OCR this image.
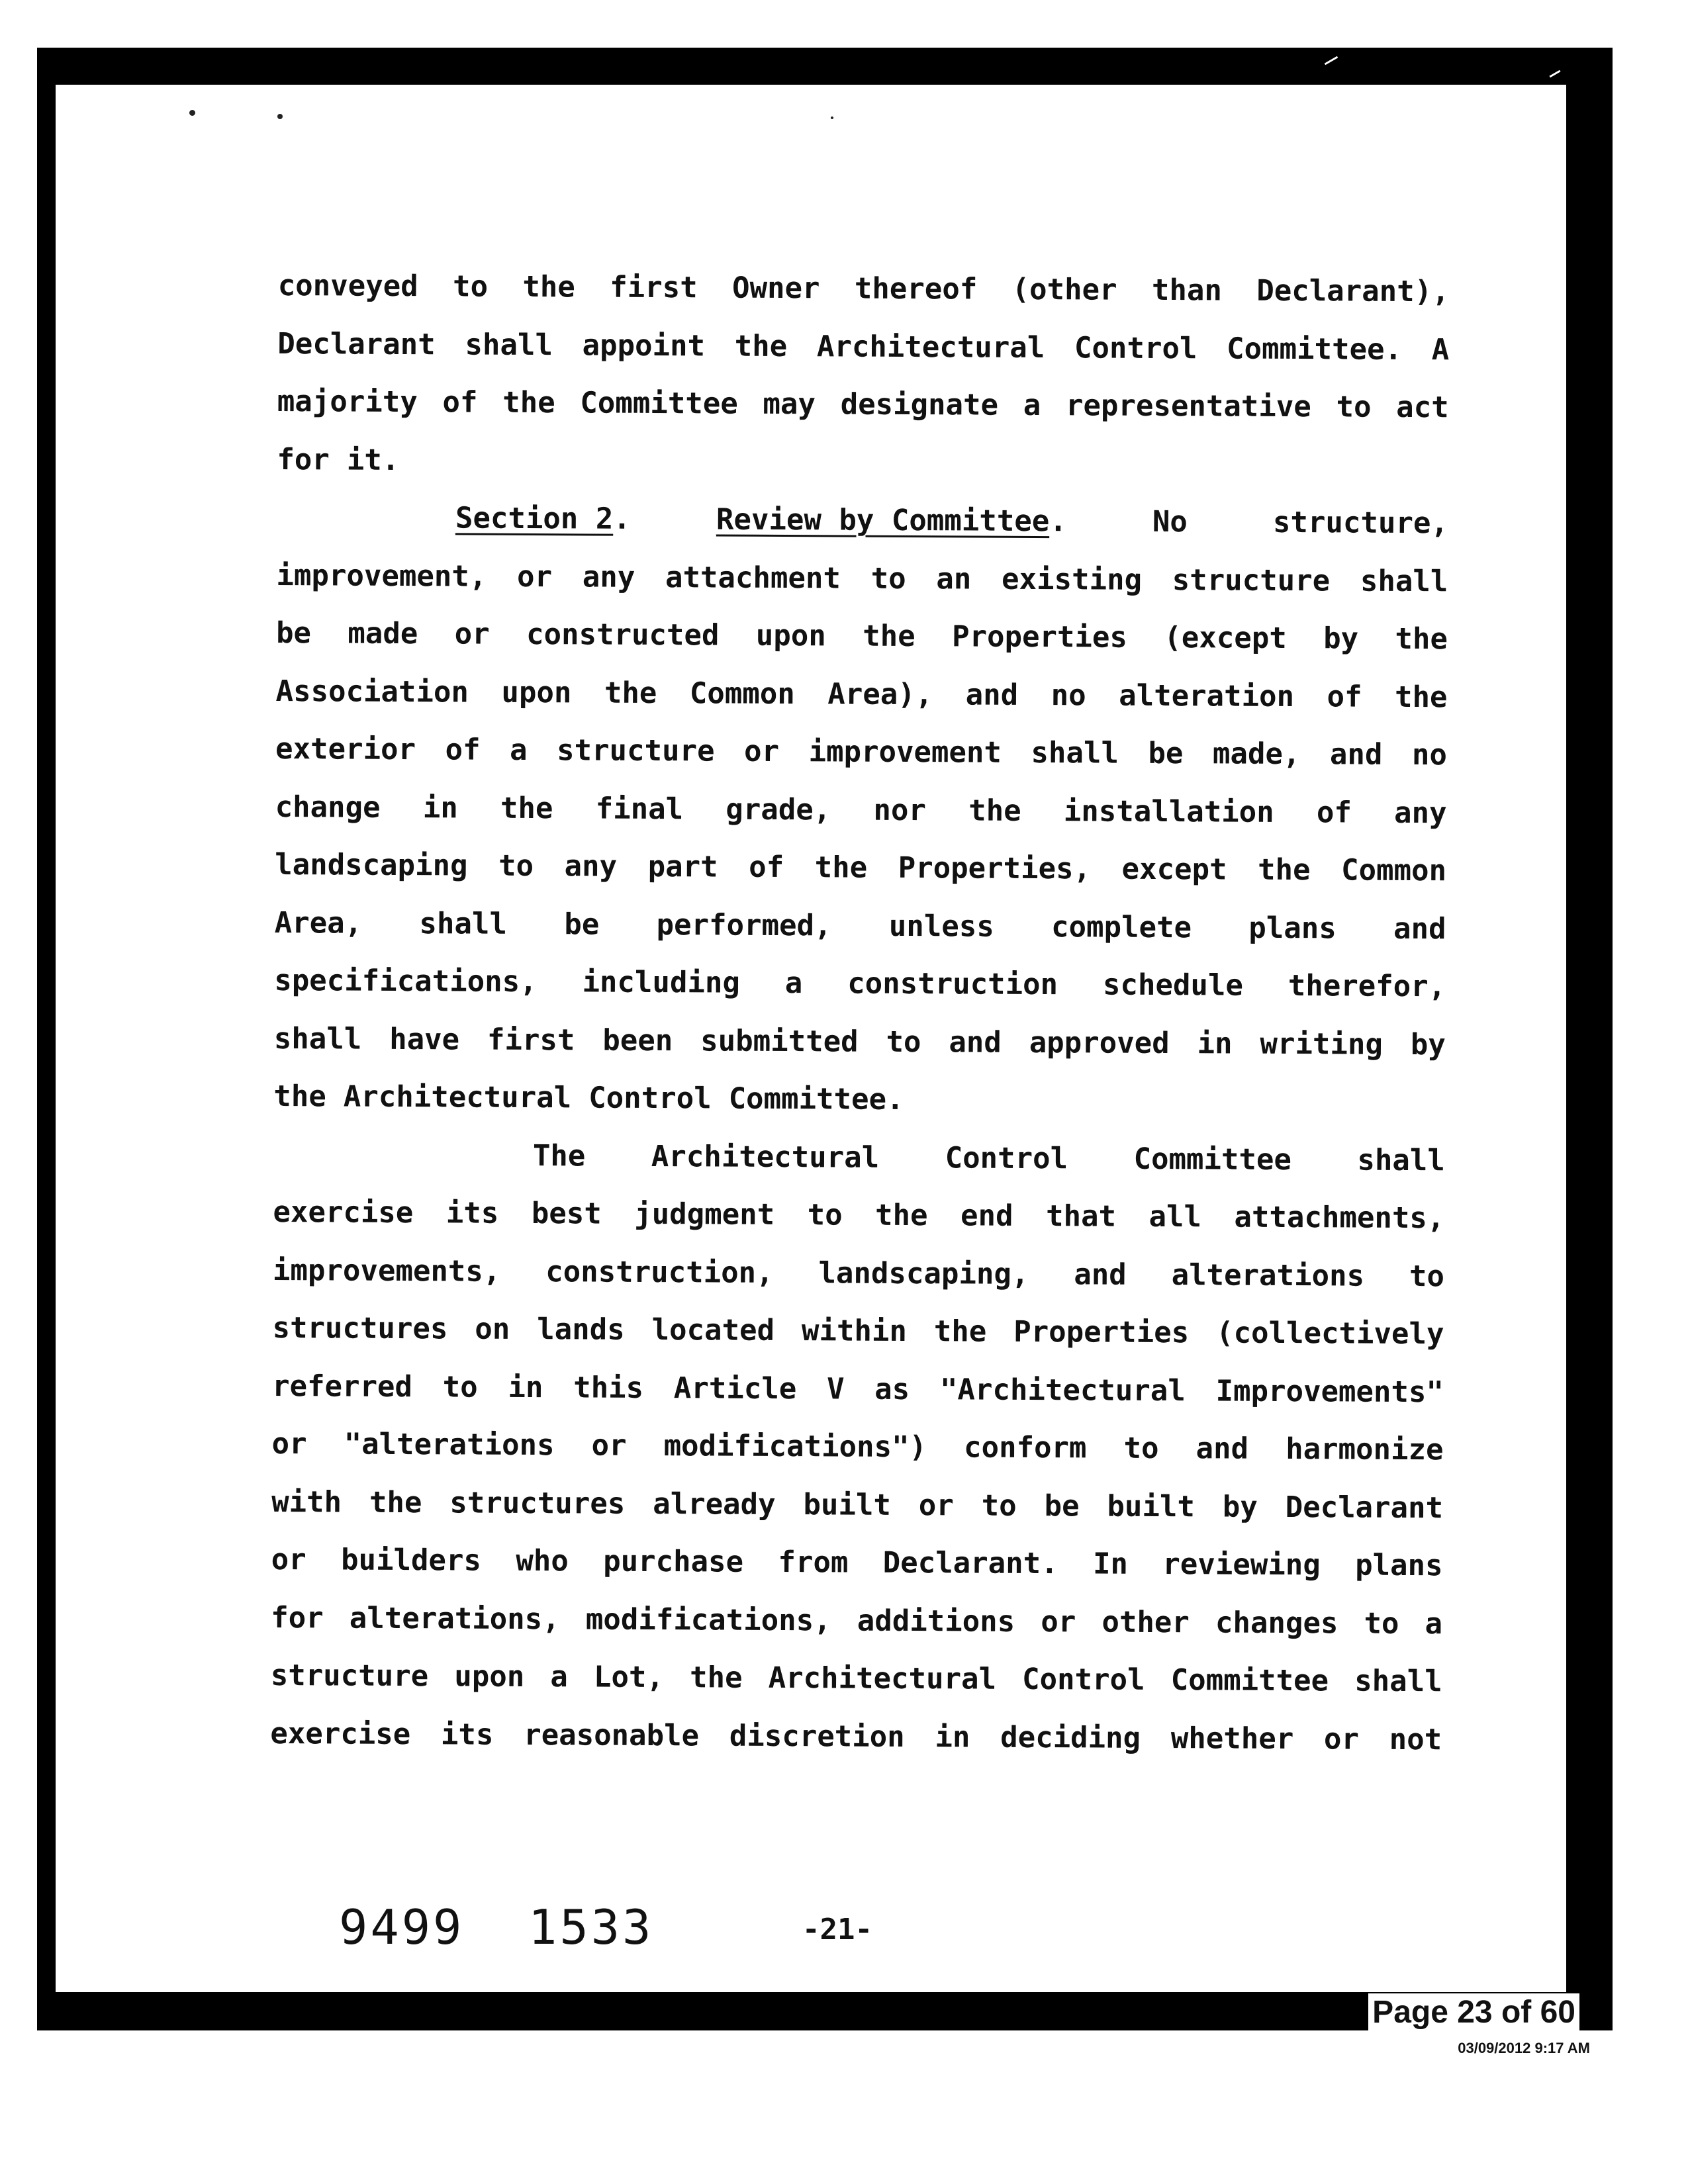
conveyed to the first Owner thereof (other than Declarant),
Declarant shall appoint the Architectural Control Committee. A
majority of the Committee may designate a representative to act
for it.
Section 2.	Review by Committee.	No	structure,
improvement, or any attachment to an existing structure shall
be made or constructed upon the Properties (except by the
Association upon the Common Area), and no alteration of the
exterior of a structure or improvement shall be made, and no
change in the final grade, nor the installation of any
landscaping to any part of the Properties, except the Common
Area, shall be performed, unless complete plans and
specifications, including a construction schedule therefor,
shall have first been submitted to and approved in writing by
the Architectural Control Committee.
The Architectural Control Committee shall
exercise its best judgment to the end that all attachments,
improvements, construction, landscaping, and alterations to
structures on lands located within the Properties (collectively
referred to in this Article V as "Architectural Improvements"
or "alterations or modifications") conform to and harmonize
with the structures already built or to be built by Declarant
or builders who purchase from Declarant. In reviewing plans
for alterations, modifications, additions or other changes to a
structure upon a Lot, the Architectural Control Committee shall
exercise its reasonable discretion in deciding whether or not
9499 1533	-21-
Page 23 of 60
03/09/2012 9:17 AM
